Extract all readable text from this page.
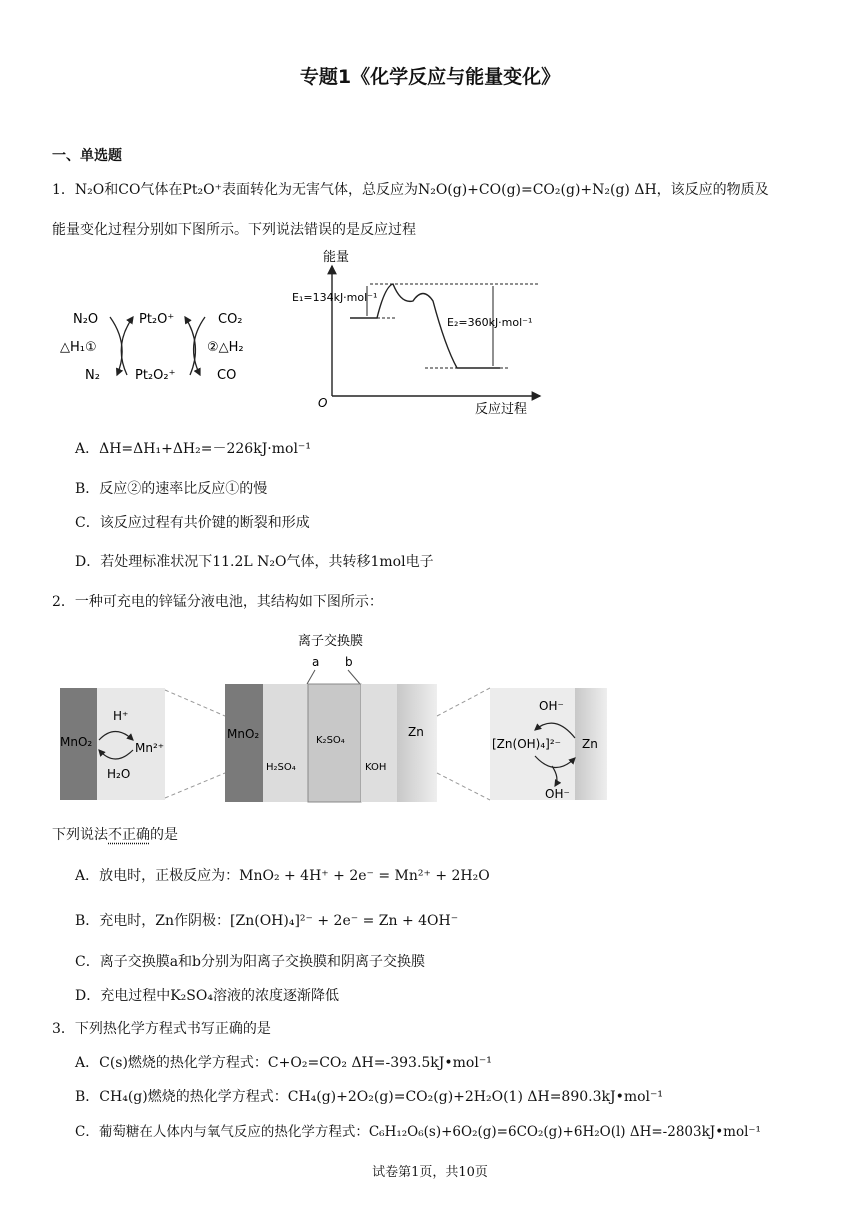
专题1《化学反应与能量变化》
一、单选题
1．N₂O和CO气体在Pt₂O⁺表面转化为无害气体，总反应为N₂O(g)+CO(g)=CO₂(g)+N₂(g) ΔH，该反应的物质及
能量变化过程分别如下图所示。下列说法错误的是反应过程
N₂O
△H₁①
N₂
Pt₂O⁺
Pt₂O₂⁺
CO₂
②△H₂
CO
能量
O	反应过程
E₁=134kJ·mol⁻¹
E₂=360kJ·mol⁻¹
A．ΔH=ΔH₁+ΔH₂=－226kJ·mol⁻¹
B．反应②的速率比反应①的慢
C．该反应过程有共价键的断裂和形成
D．若处理标准状况下11.2L N₂O气体，共转移1mol电子
2．一种可充电的锌锰分液电池，其结构如下图所示：
MnO₂
H⁺
Mn²⁺
H₂O
离子交换膜
a b
MnO₂
H₂SO₄
K₂SO₄
KOH
Zn
OH⁻
[Zn(OH)₄]²⁻ Zn
OH⁻
下列说法不正确的是
A．放电时，正极反应为：MnO₂ + 4H⁺ + 2e⁻ = Mn²⁺ + 2H₂O
B．充电时，Zn作阴极：[Zn(OH)₄]²⁻ + 2e⁻ = Zn + 4OH⁻
C．离子交换膜a和b分别为阳离子交换膜和阴离子交换膜
D．充电过程中K₂SO₄溶液的浓度逐渐降低
3．下列热化学方程式书写正确的是
A．C(s)燃烧的热化学方程式：C+O₂=CO₂ ΔH=-393.5kJ•mol⁻¹
B．CH₄(g)燃烧的热化学方程式：CH₄(g)+2O₂(g)=CO₂(g)+2H₂O(1) ΔH=890.3kJ•mol⁻¹
C．葡萄糖在人体内与氧气反应的热化学方程式：C₆H₁₂O₆(s)+6O₂(g)=6CO₂(g)+6H₂O(l) ΔH=-2803kJ•mol⁻¹
试卷第1页，共10页
